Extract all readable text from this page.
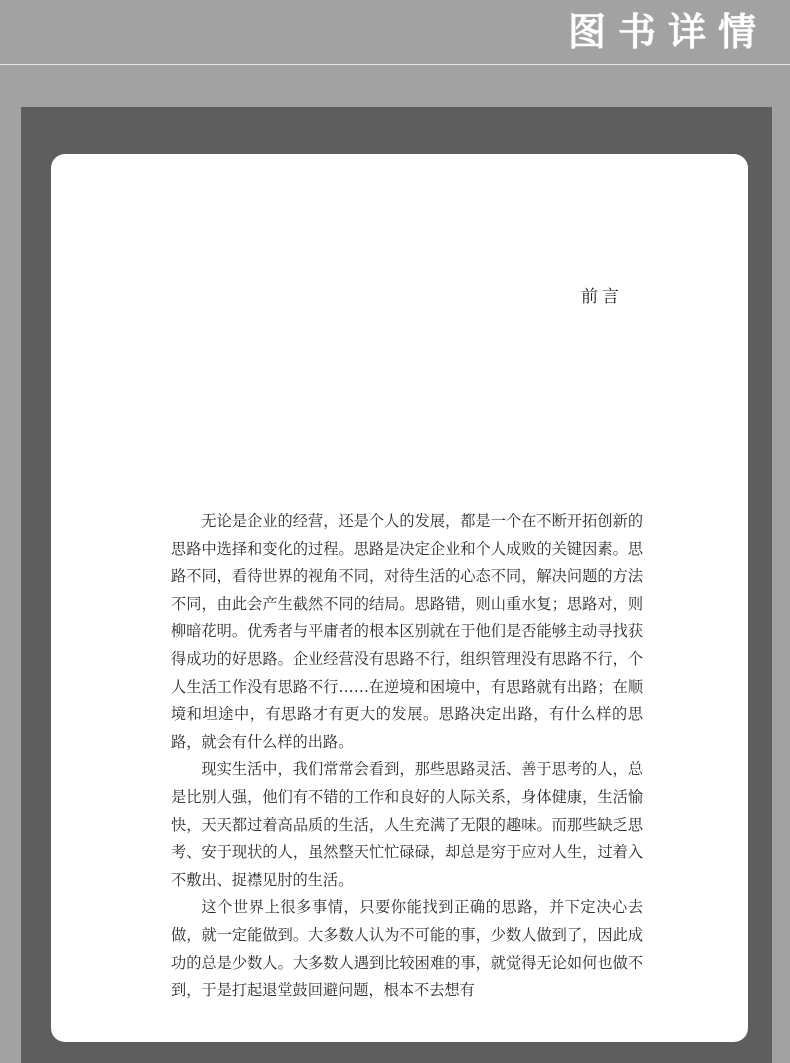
图书详情
前言

无论是企业的经营，还是个人的发展，都是一个在不断开拓创新的思路中选择和变化的过程。思路是决定企业和个人成败的关键因素。思路不同，看待世界的视角不同，对待生活的心态不同，解决问题的方法不同，由此会产生截然不同的结局。思路错，则山重水复；思路对，则柳暗花明。优秀者与平庸者的根本区别就在于他们是否能够主动寻找获得成功的好思路。企业经营没有思路不行，组织管理没有思路不行，个人生活工作没有思路不行……在逆境和困境中，有思路就有出路；在顺境和坦途中，有思路才有更大的发展。思路决定出路，有什么样的思路，就会有什么样的出路。

现实生活中，我们常常会看到，那些思路灵活、善于思考的人，总是比别人强，他们有不错的工作和良好的人际关系，身体健康，生活愉快，天天都过着高品质的生活，人生充满了无限的趣味。而那些缺乏思考、安于现状的人，虽然整天忙忙碌碌，却总是穷于应对人生，过着入不敷出、捉襟见肘的生活。

这个世界上很多事情，只要你能找到正确的思路，并下定决心去做，就一定能做到。大多数人认为不可能的事，少数人做到了，因此成功的总是少数人。大多数人遇到比较困难的事，就觉得无论如何也做不到，于是打起退堂鼓回避问题，根本不去想有
